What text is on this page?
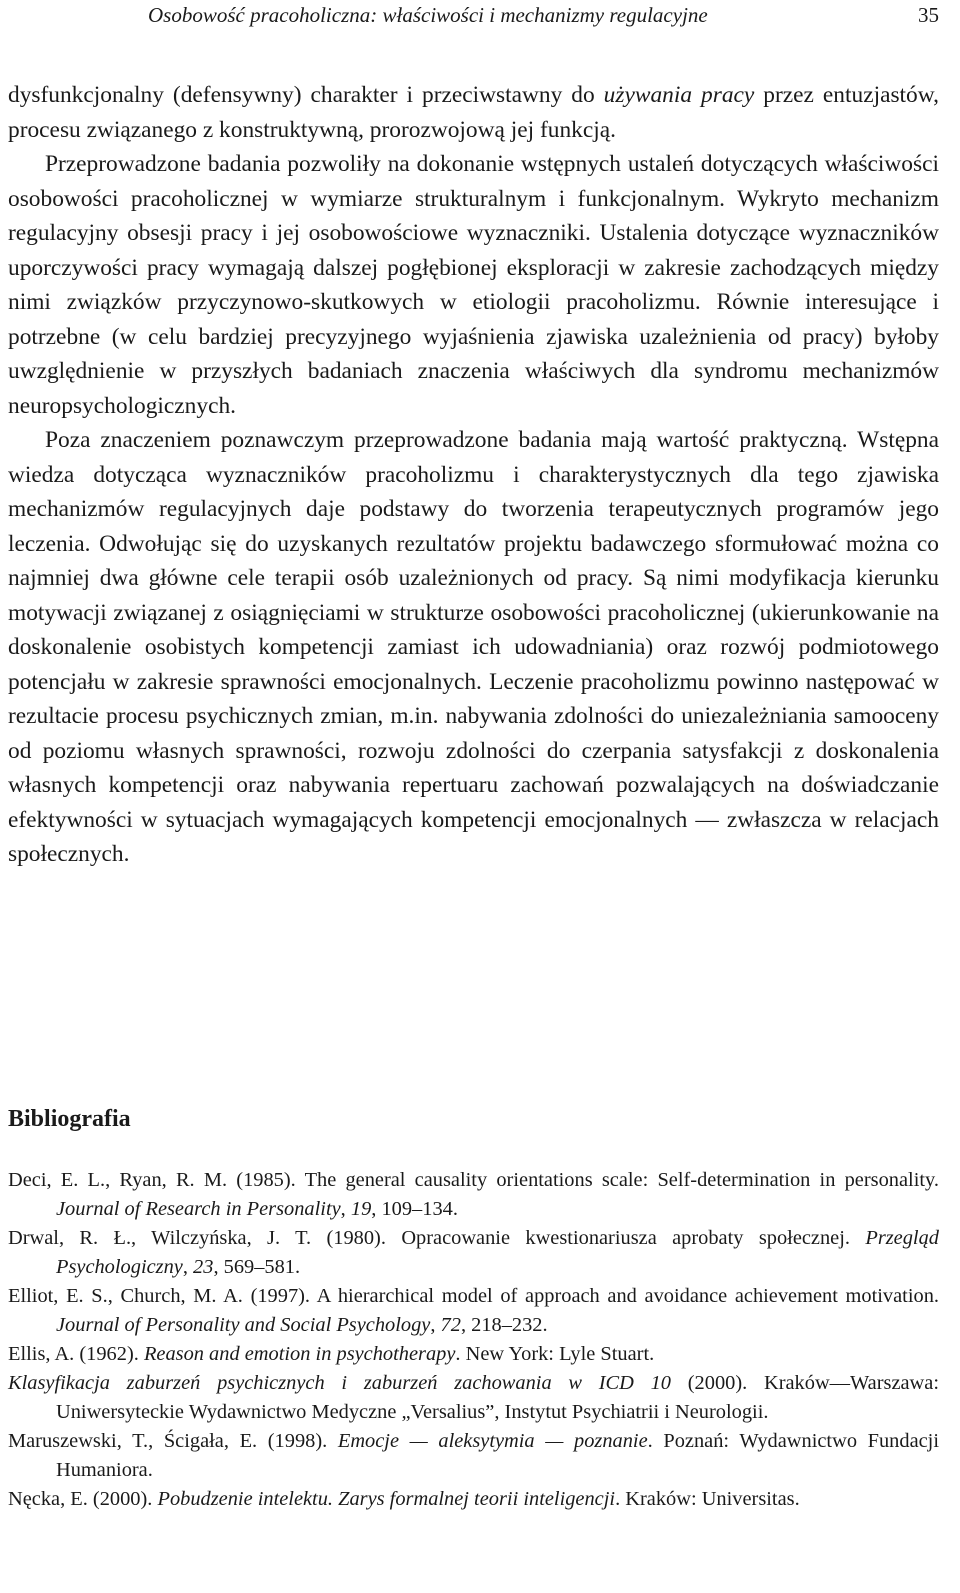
Osobowość pracoholiczna: właściwości i mechanizmy regulacyjne	35

dysfunkcjonalny (defensywny) charakter i przeciwstawny do używania pracy przez entuzjastów, procesu związanego z konstruktywną, prorozwojową jej funkcją.

Przeprowadzone badania pozwoliły na dokonanie wstępnych ustaleń dotyczących właściwości osobowości pracoholicznej w wymiarze strukturalnym i funkcjonalnym. Wykryto mechanizm regulacyjny obsesji pracy i jej osobowościowe wyznaczniki. Ustalenia dotyczące wyznaczników uporczywości pracy wymagają dalszej pogłębionej eksploracji w zakresie zachodzących między nimi związków przyczynowo-skutkowych w etiologii pracoholizmu. Równie interesujące i potrzebne (w celu bardziej precyzyjnego wyjaśnienia zjawiska uzależnienia od pracy) byłoby uwzględnienie w przyszłych badaniach znaczenia właściwych dla syndromu mechanizmów neuropsychologicznych.

Poza znaczeniem poznawczym przeprowadzone badania mają wartość praktyczną. Wstępna wiedza dotycząca wyznaczników pracoholizmu i charakterystycznych dla tego zjawiska mechanizmów regulacyjnych daje podstawy do tworzenia terapeutycznych programów jego leczenia. Odwołując się do uzyskanych rezultatów projektu badawczego sformułować można co najmniej dwa główne cele terapii osób uzależnionych od pracy. Są nimi modyfikacja kierunku motywacji związanej z osiągnięciami w strukturze osobowości pracoholicznej (ukierunkowanie na doskonalenie osobistych kompetencji zamiast ich udowadniania) oraz rozwój podmiotowego potencjału w zakresie sprawności emocjonalnych. Leczenie pracoholizmu powinno następować w rezultacie procesu psychicznych zmian, m.in. nabywania zdolności do uniezależniania samooceny od poziomu własnych sprawności, rozwoju zdolności do czerpania satysfakcji z doskonalenia własnych kompetencji oraz nabywania repertuaru zachowań pozwalających na doświadczanie efektywności w sytuacjach wymagających kompetencji emocjonalnych — zwłaszcza w relacjach społecznych.

Bibliografia

Deci, E. L., Ryan, R. M. (1985). The general causality orientations scale: Self-determination in personality. Journal of Research in Personality, 19, 109–134.

Drwal, R. Ł., Wilczyńska, J. T. (1980). Opracowanie kwestionariusza aprobaty społecznej. Przegląd Psychologiczny, 23, 569–581.

Elliot, E. S., Church, M. A. (1997). A hierarchical model of approach and avoidance achievement motivation. Journal of Personality and Social Psychology, 72, 218–232.

Ellis, A. (1962). Reason and emotion in psychotherapy. New York: Lyle Stuart.

Klasyfikacja zaburzeń psychicznych i zaburzeń zachowania w ICD 10 (2000). Kraków––Warszawa: Uniwersyteckie Wydawnictwo Medyczne „Versalius”, Instytut Psychiatrii i Neurologii.

Maruszewski, T., Ścigała, E. (1998). Emocje — aleksytymia — poznanie. Poznań: Wydawnictwo Fundacji Humaniora.

Nęcka, E. (2000). Pobudzenie intelektu. Zarys formalnej teorii inteligencji. Kraków: Universitas.
